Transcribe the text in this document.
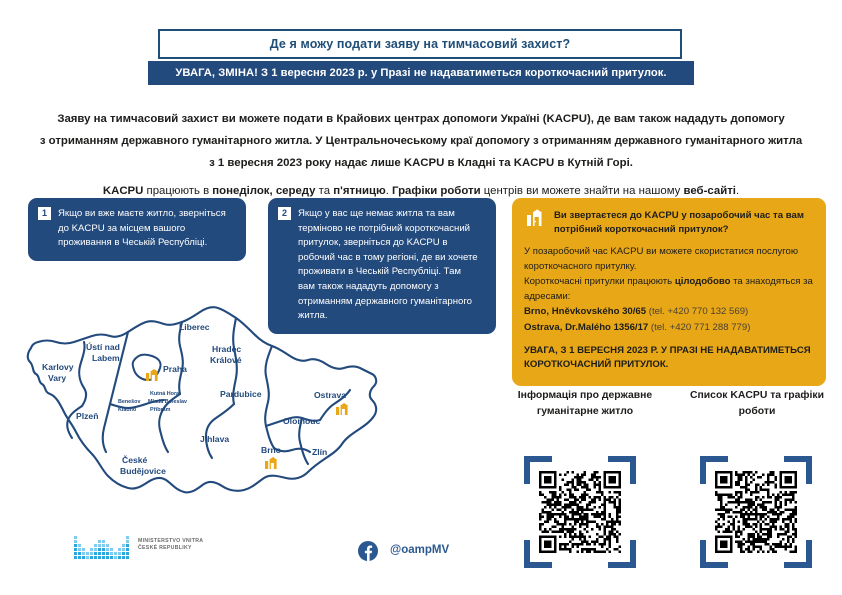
Де я можу подати заяву на тимчасовий захист?
УВАГА, ЗМІНА! З 1 вересня 2023 р. у Празі не надаватиметься короткочасний притулок.

Заяву на тимчасовий захист ви можете подати в Крайових центрах допомоги Україні (KACPU), де вам також нададуть допомогу

з отриманням державного гуманітарного житла. У Центральночеському краї допомогу з отриманням державного гуманітарного житла

з 1 вересня 2023 року надає лише KACPU в Кладні та KACPU в Кутній Горі.

KACPU працюють в понеділок, середу та п'ятницю. Графіки роботи центрів ви можете знайти на нашому веб-сайті.

1 Якщо ви вже маєте житло, зверніться до KACPU за місцем вашого проживання в Чеській Республіці.
2 Якщо у вас ще немає житла та вам терміново не потрібний короткочасний притулок, зверніться до KACPU в робочий час в тому регіоні, де ви хочете проживати в Чеській Республіці. Там вам також нададуть допомогу з отриманням державного гуманітарного житла.
Ви звертаєтеся до KACPU у позаробочий час та вам потрібний короткочасний притулок?

У позаробочий час KACPU ви можете скористатися послугою короткочасного притулку.

Короткочасні притулки працюють цілодобово та знаходяться за адресами:

Brno, Hněvkovského 30/65 (tel. +420 770 132 569)

Ostrava, Dr.Malého 1356/17 (tel. +420 771 288 779)

УВАГА, З 1 ВЕРЕСНЯ 2023 Р. У ПРАЗІ НЕ НАДАВАТИМЕТЬСЯ КОРОТКОЧАСНИЙ ПРИТУЛОК.

Liberec
Ústí nad
Labem
Hradec
Králové
Karlovy
Vary
Praha
Kutná Hora
Benešov Mladá Boleslav
Kladno	Příbram
Pardubice	Ostrava
Plzeň	Olomouc
Jihlava
Brno	Zlín
České
Budějovice
Інформація про державне гуманітарне житло
Список KACPU та графіки роботи
MINISTERSTVO VNITRA
ČESKÉ REPUBLIKY	@oampMV
